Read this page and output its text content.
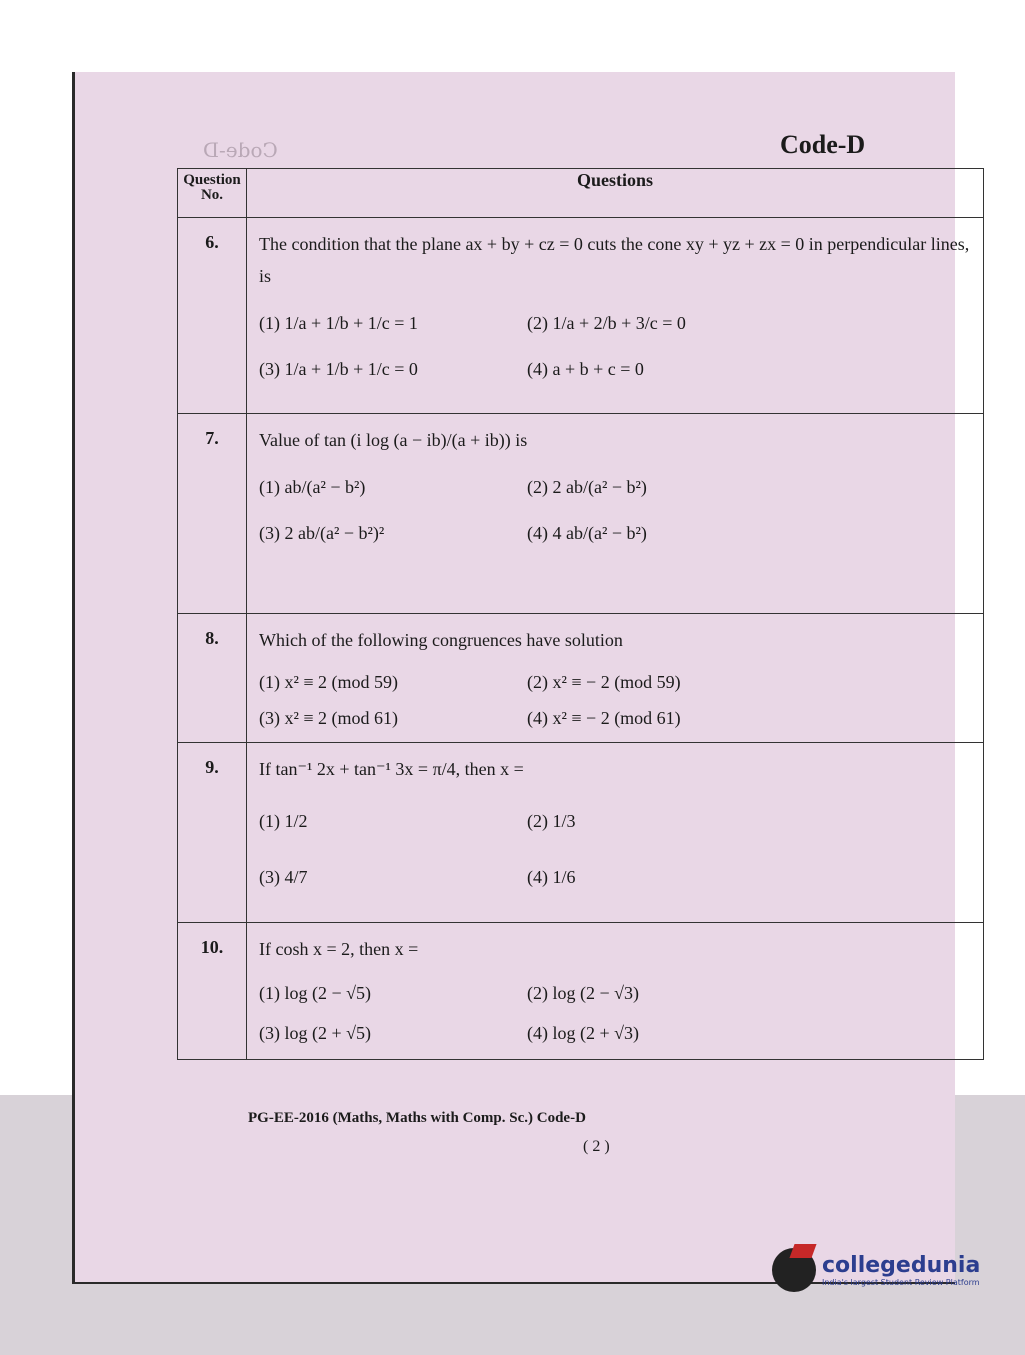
Code-D	Code-D
Question No.	Questions
6.	The condition that the plane ax + by + cz = 0 cuts the cone xy + yz + zx = 0 in perpendicular lines, is
(1) 1/a + 1/b + 1/c = 1 (2) 1/a + 2/b + 3/c = 0
(3) 1/a + 1/b + 1/c = 0 (4) a + b + c = 0

7.	Value of tan (i log (a − ib)/(a + ib)) is
(1) ab/(a² − b²) (2) 2 ab/(a² − b²)
(3) 2 ab/(a² − b²)² (4) 4 ab/(a² − b²)

8.	Which of the following congruences have solution
(1) x² ≡ 2 (mod 59) (2) x² ≡ − 2 (mod 59)
(3) x² ≡ 2 (mod 61) (4) x² ≡ − 2 (mod 61)

9.	If tan⁻¹ 2x + tan⁻¹ 3x = π/4, then x =
(1) 1/2 (2) 1/3
(3) 4/7 (4) 1/6

10.	If cosh x = 2, then x =
(1) log (2 − √5) (2) log (2 − √3)
(3) log (2 + √5) (4) log (2 + √3)
PG-EE-2016 (Maths, Maths with Comp. Sc.) Code-D
( 2 )
collegedunia
India's largest Student Review Platform
